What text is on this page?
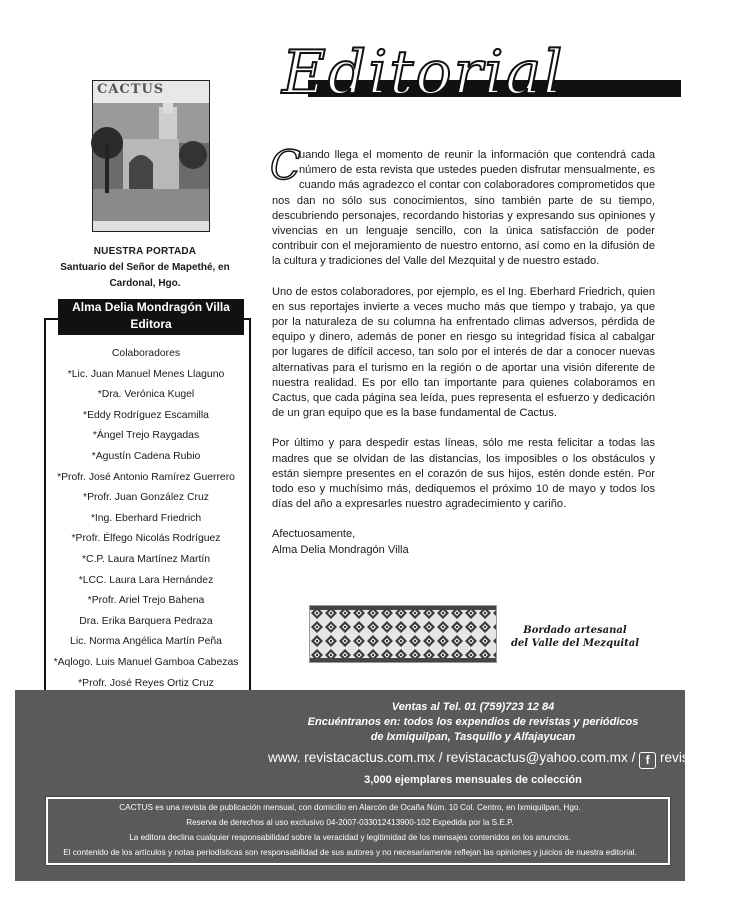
CACTUS
NUESTRA PORTADA
Santuario del Señor de Mapethé, en
Cardonal, Hgo.
Alma Delia Mondragón Villa
Editora
Colaboradores
*Lic. Juan Manuel Menes Llaguno
*Dra. Verónica Kugel
*Eddy Rodríguez Escamilla
*Ángel Trejo Raygadas
*Agustín Cadena Rubio
*Profr. José Antonio Ramírez Guerrero
*Profr. Juan González Cruz
*Ing. Eberhard Friedrich
*Profr. Élfego Nicolás Rodríguez
*C.P. Laura Martínez Martín
*LCC. Laura Lara Hernández
*Profr. Ariel Trejo Bahena
Dra. Erika Barquera Pedraza
Lic. Norma Angélica Martín Peña
*Aqlogo. Luis Manuel Gamboa Cabezas
*Profr. José Reyes Ortiz Cruz
Editorial

C
uando llega el momento de reunir la información que contendrá cada número de esta revista que ustedes pueden disfrutar mensualmente, es cuando más agradezco el contar con colaboradores comprometidos que nos dan no sólo sus conocimientos, sino también parte de su tiempo, descubriendo personajes, recordando historias y expresando sus opiniones y vivencias en un lenguaje sencillo, con la única satisfacción de poder contribuir con el mejoramiento de nuestro entorno, así como en la difusión de la cultura y tradiciones del Valle del Mezquital y de nuestro estado.

Uno de estos colaboradores, por ejemplo, es el Ing. Eberhard Friedrich, quien en sus reportajes invierte a veces mucho más que tiempo y trabajo, ya que por la naturaleza de su columna ha enfrentado climas adversos, pérdida de equipo y dinero, además de poner en riesgo su integridad física al cabalgar por lugares de difícil acceso, tan solo por el interés de dar a conocer nuevas alternativas para el turismo en la región o de aportar una visión diferente de nuestra realidad. Es por ello tan importante para quienes colaboramos en Cactus, que cada página sea leída, pues representa el esfuerzo y dedicación de un gran equipo que es la base fundamental de Cactus.

Por último y para despedir estas líneas, sólo me resta felicitar a todas las madres que se olvidan de las distancias, los imposibles o los obstáculos y están siempre presentes en el corazón de sus hijos, estén donde estén. Por todo eso y muchísimo más, dediquemos el próximo 10 de mayo y todos los días del año a expresarles nuestro agradecimiento y cariño.

Afectuosamente,
Alma Delia Mondragón Villa

Bordado artesanal
del Valle del Mezquital
Ventas al Tel. 01 (759)723 12 84
Encuéntranos en: todos los expendios de revistas y periódicos
de Ixmiquilpan, Tasquillo y Alfajayucan
www. revistacactus.com.mx / revistacactus@yahoo.com.mx / f revista cactus
3,000 ejemplares mensuales de colección
CACTUS es una revista de publicación mensual, con domicilio en Alarcón de Ocaña Núm. 10 Col. Centro, en Ixmiquilpan, Hgo.
Reserva de derechos al uso exclusivo 04-2007-033012413900-102 Expedida por la S.E.P.
La editora declina cualquier responsabilidad sobre la veracidad y legitimidad de los mensajes contenidos en los anuncios.
El contenido de los artículos y notas periodísticas son responsabilidad de sus autores y no necesariamente reflejan las opiniones y juicios de nuestra editorial.
